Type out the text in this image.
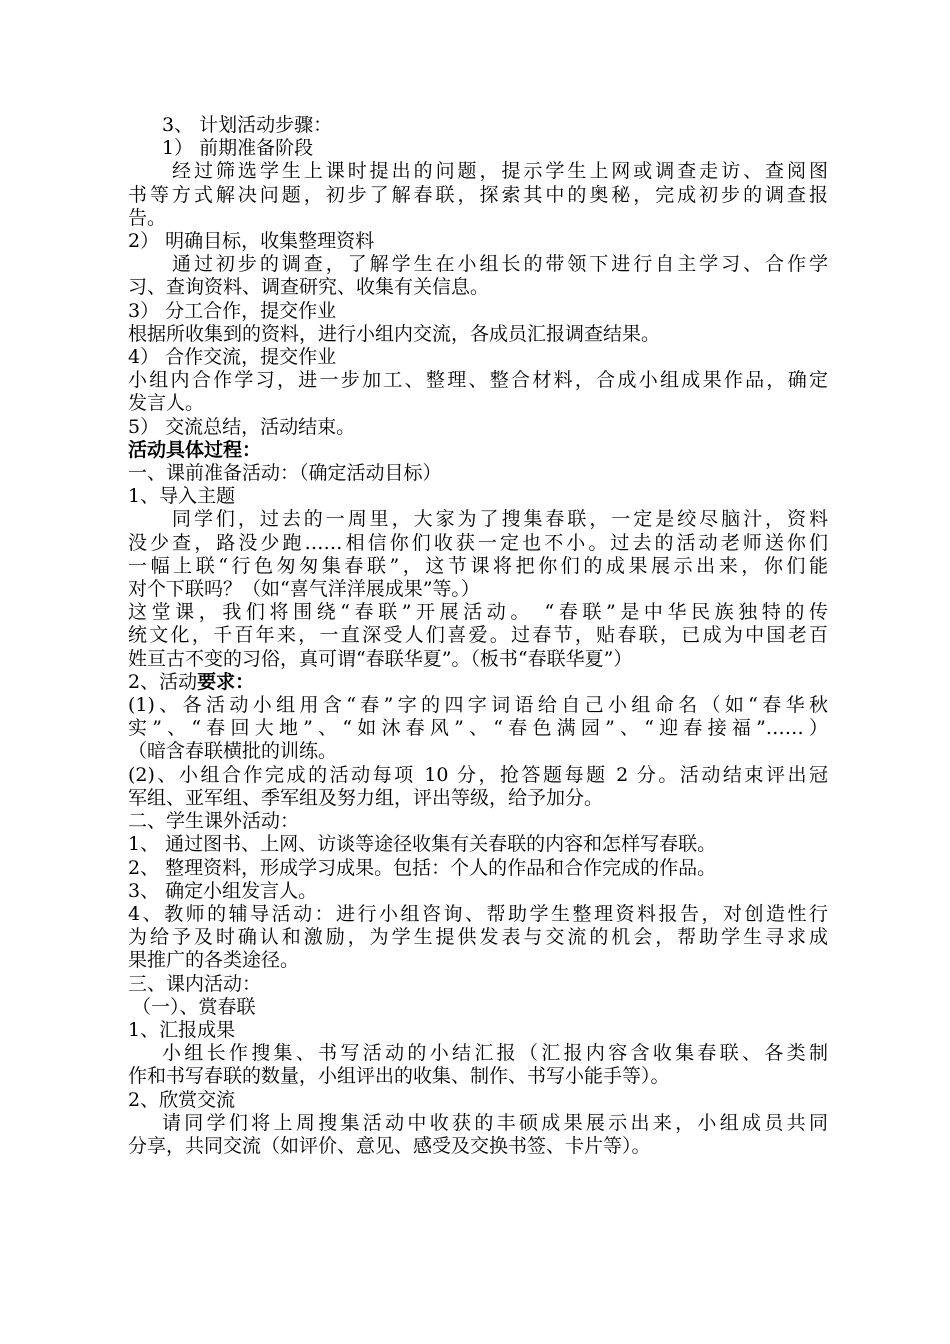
3、 计划活动步骤：
1） 前期准备阶段
经过筛选学生上课时提出的问题，提示学生上网或调查走访、查阅图
书等方式解决问题，初步了解春联，探索其中的奥秘，完成初步的调查报
告。
2） 明确目标，收集整理资料
通过初步的调查，了解学生在小组长的带领下进行自主学习、合作学
习、查询资料、调查研究、收集有关信息。
3） 分工合作，提交作业
根据所收集到的资料，进行小组内交流，各成员汇报调查结果。
4） 合作交流，提交作业
小组内合作学习，进一步加工、整理、整合材料，合成小组成果作品，确定
发言人。
5） 交流总结，活动结束。
活动具体过程：
一、课前准备活动：（确定活动目标）
1、导入主题
同学们，过去的一周里，大家为了搜集春联，一定是绞尽脑汁，资料
没少查，路没少跑……相信你们收获一定也不小。过去的活动老师送你们
一幅上联“行色匆匆集春联”，这节课将把你们的成果展示出来，你们能
对个下联吗？（如“喜气洋洋展成果”等。）
这堂课，我们将围绕“春联”开展活动。 “春联”是中华民族独特的传
统文化，千百年来，一直深受人们喜爱。过春节，贴春联，已成为中国老百
姓亘古不变的习俗，真可谓“春联华夏”。（板书“春联华夏”）
2、活动要求：
(1)、各活动小组用含“春”字的四字词语给自己小组命名（如“春华秋
实”、“春回大地”、“如沐春风”、“春色满园”、“迎春接福”……）
（暗含春联横批的训练。
(2)、小组合作完成的活动每项 10 分，抢答题每题 2 分。活动结束评出冠
军组、亚军组、季军组及努力组，评出等级，给予加分。
二、学生课外活动：
1、 通过图书、上网、访谈等途径收集有关春联的内容和怎样写春联。
2、 整理资料，形成学习成果。包括：个人的作品和合作完成的作品。
3、 确定小组发言人。
4、教师的辅导活动：进行小组咨询、帮助学生整理资料报告，对创造性行
为给予及时确认和激励，为学生提供发表与交流的机会，帮助学生寻求成
果推广的各类途径。
三、课内活动：
（一）、赏春联
1、汇报成果
小组长作搜集、书写活动的小结汇报（汇报内容含收集春联、各类制
作和书写春联的数量，小组评出的收集、制作、书写小能手等）。
2、欣赏交流
请同学们将上周搜集活动中收获的丰硕成果展示出来，小组成员共同
分享，共同交流（如评价、意见、感受及交换书签、卡片等）。
